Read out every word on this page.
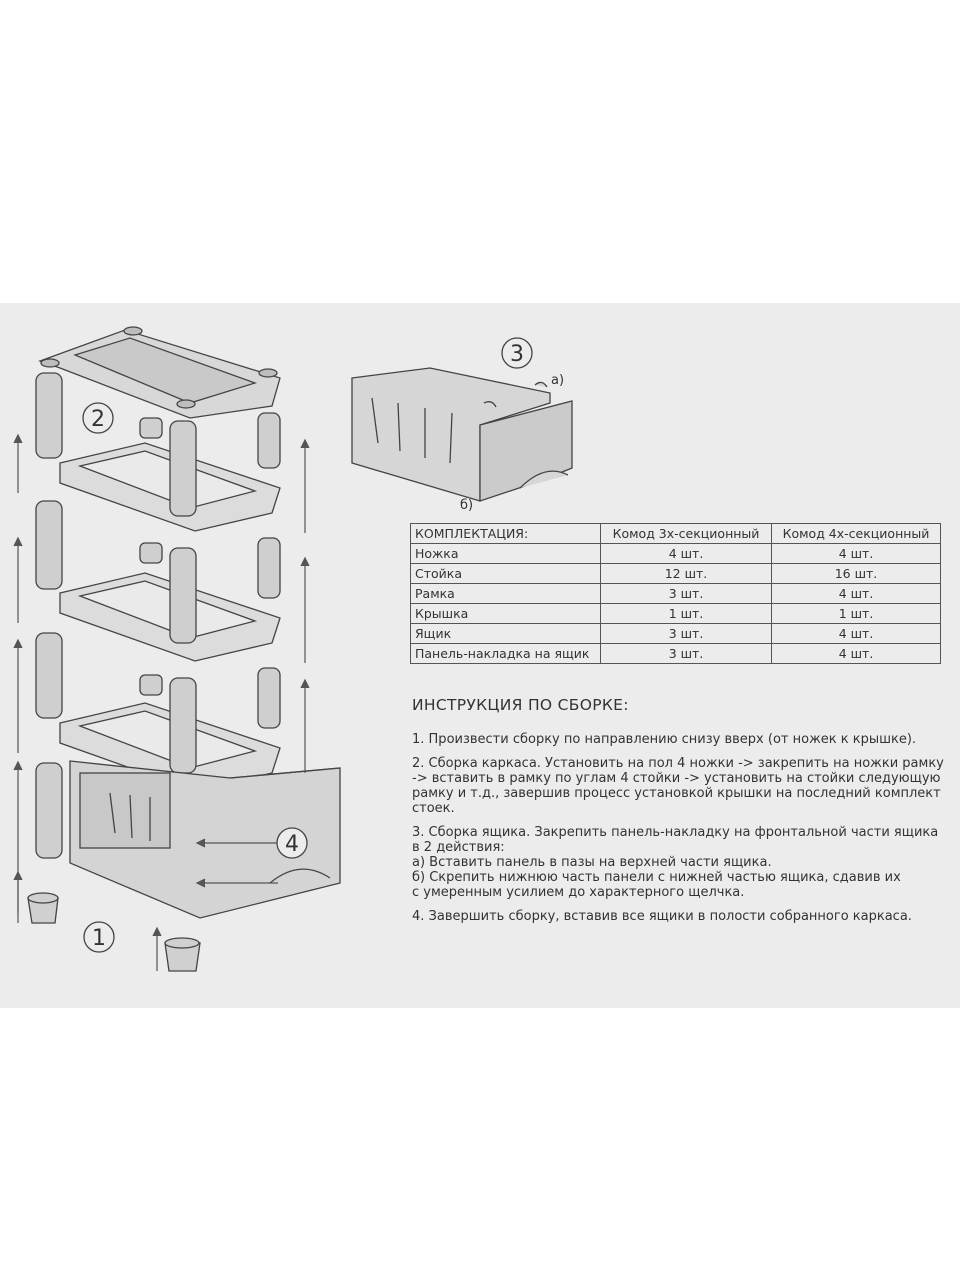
2
3
1
4
а)
б)
КОМПЛЕКТАЦИЯ:	Комод 3х-секционный	Комод 4х-секционный
Ножка	4 шт.	4 шт.
Стойка	12 шт.	16 шт.
Рамка	3 шт.	4 шт.
Крышка	1 шт.	1 шт.
Ящик	3 шт.	4 шт.
Панель-накладка на ящик	3 шт.	4 шт.
ИНСТРУКЦИЯ ПО СБОРКЕ:

1. Произвести сборку по направлению снизу вверх (от ножек к крышке).

2. Сборка каркаса. Установить на пол 4 ножки -> закрепить на ножки рамку
-> вставить в рамку по углам 4 стойки -> установить на стойки следующую
рамку и т.д., завершив процесс установкой крышки на последний комплект
стоек.

3. Сборка ящика. Закрепить панель-накладку на фронтальной части ящика
в 2 действия:
а) Вставить панель в пазы на верхней части ящика.
б) Скрепить нижнюю часть панели с нижней частью ящика, сдавив их
с умеренным усилием до характерного щелчка.

4. Завершить сборку, вставив все ящики в полости собранного каркаса.
